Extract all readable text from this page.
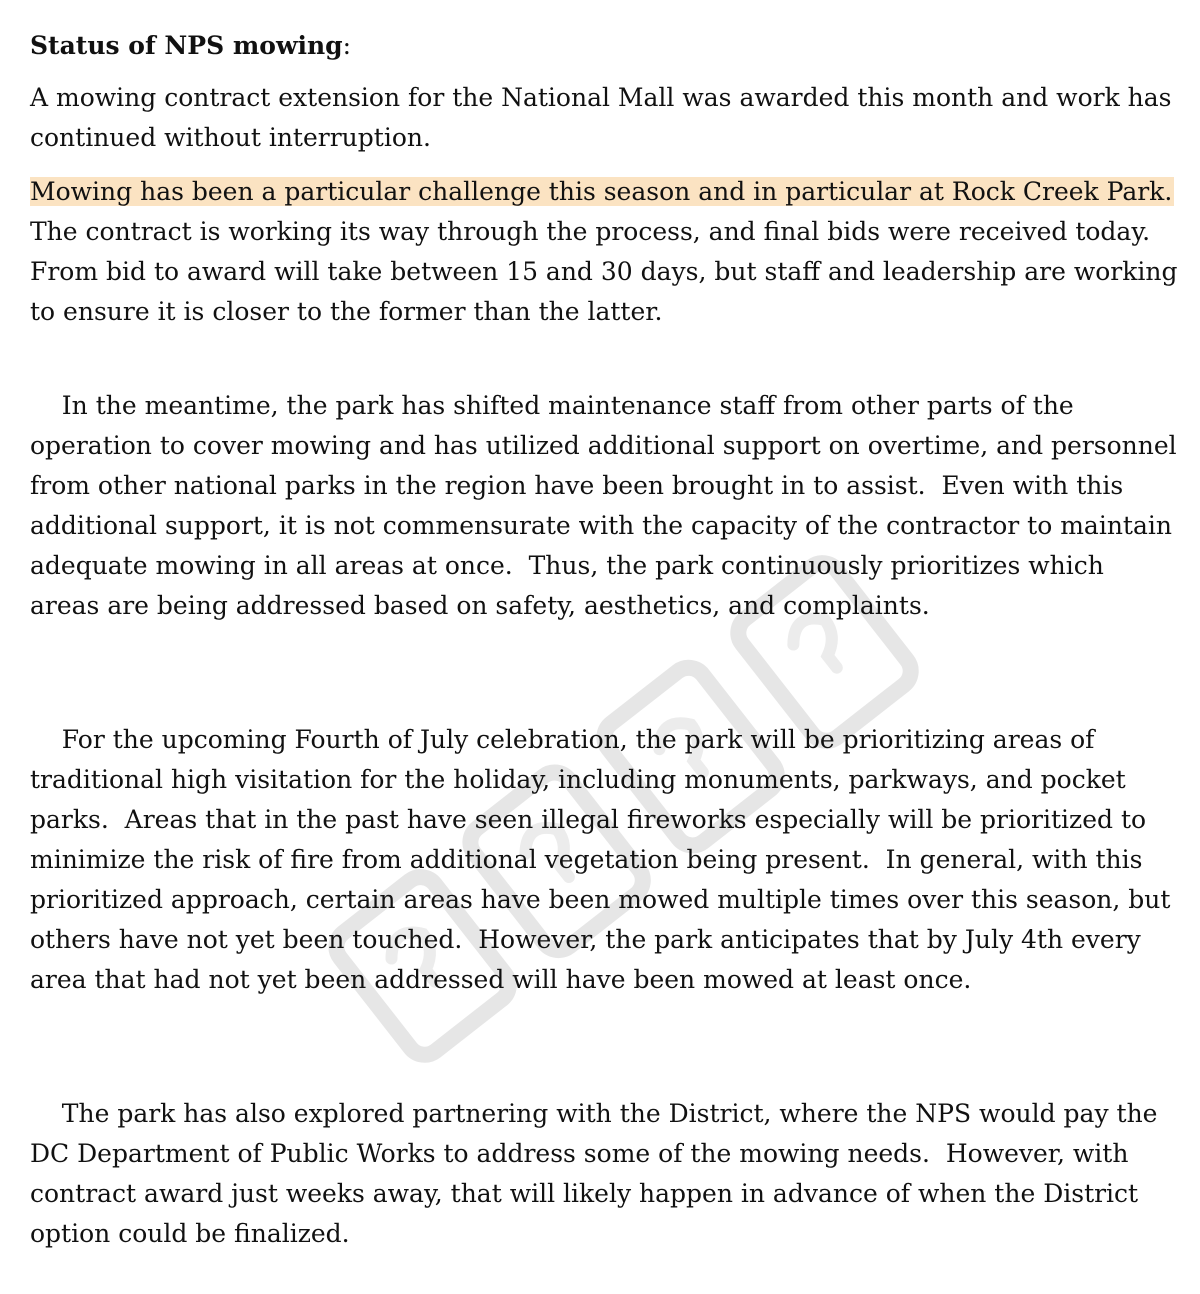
Status of NPS mowing:

A mowing contract extension for the National Mall was awarded this month and work has continued without interruption.

Mowing has been a particular challenge this season and in particular at Rock Creek Park.  The contract is working its way through the process, and final bids were received today.  From bid to award will take between 15 and 30 days, but staff and leadership are working to ensure it is closer to the former than the latter.

In the meantime, the park has shifted maintenance staff from other parts of the operation to cover mowing and has utilized additional support on overtime, and personnel from other national parks in the region have been brought in to assist.  Even with this additional support, it is not commensurate with the capacity of the contractor to maintain adequate mowing in all areas at once.  Thus, the park continuously prioritizes which areas are being addressed based on safety, aesthetics, and complaints.

For the upcoming Fourth of July celebration, the park will be prioritizing areas of traditional high visitation for the holiday, including monuments, parkways, and pocket parks.  Areas that in the past have seen illegal fireworks especially will be prioritized to minimize the risk of fire from additional vegetation being present.  In general, with this prioritized approach, certain areas have been mowed multiple times over this season, but others have not yet been touched.  However, the park anticipates that by July 4th every area that had not yet been addressed will have been mowed at least once.

The park has also explored partnering with the District, where the NPS would pay the DC Department of Public Works to address some of the mowing needs.  However, with contract award just weeks away, that will likely happen in advance of when the District option could be finalized.
